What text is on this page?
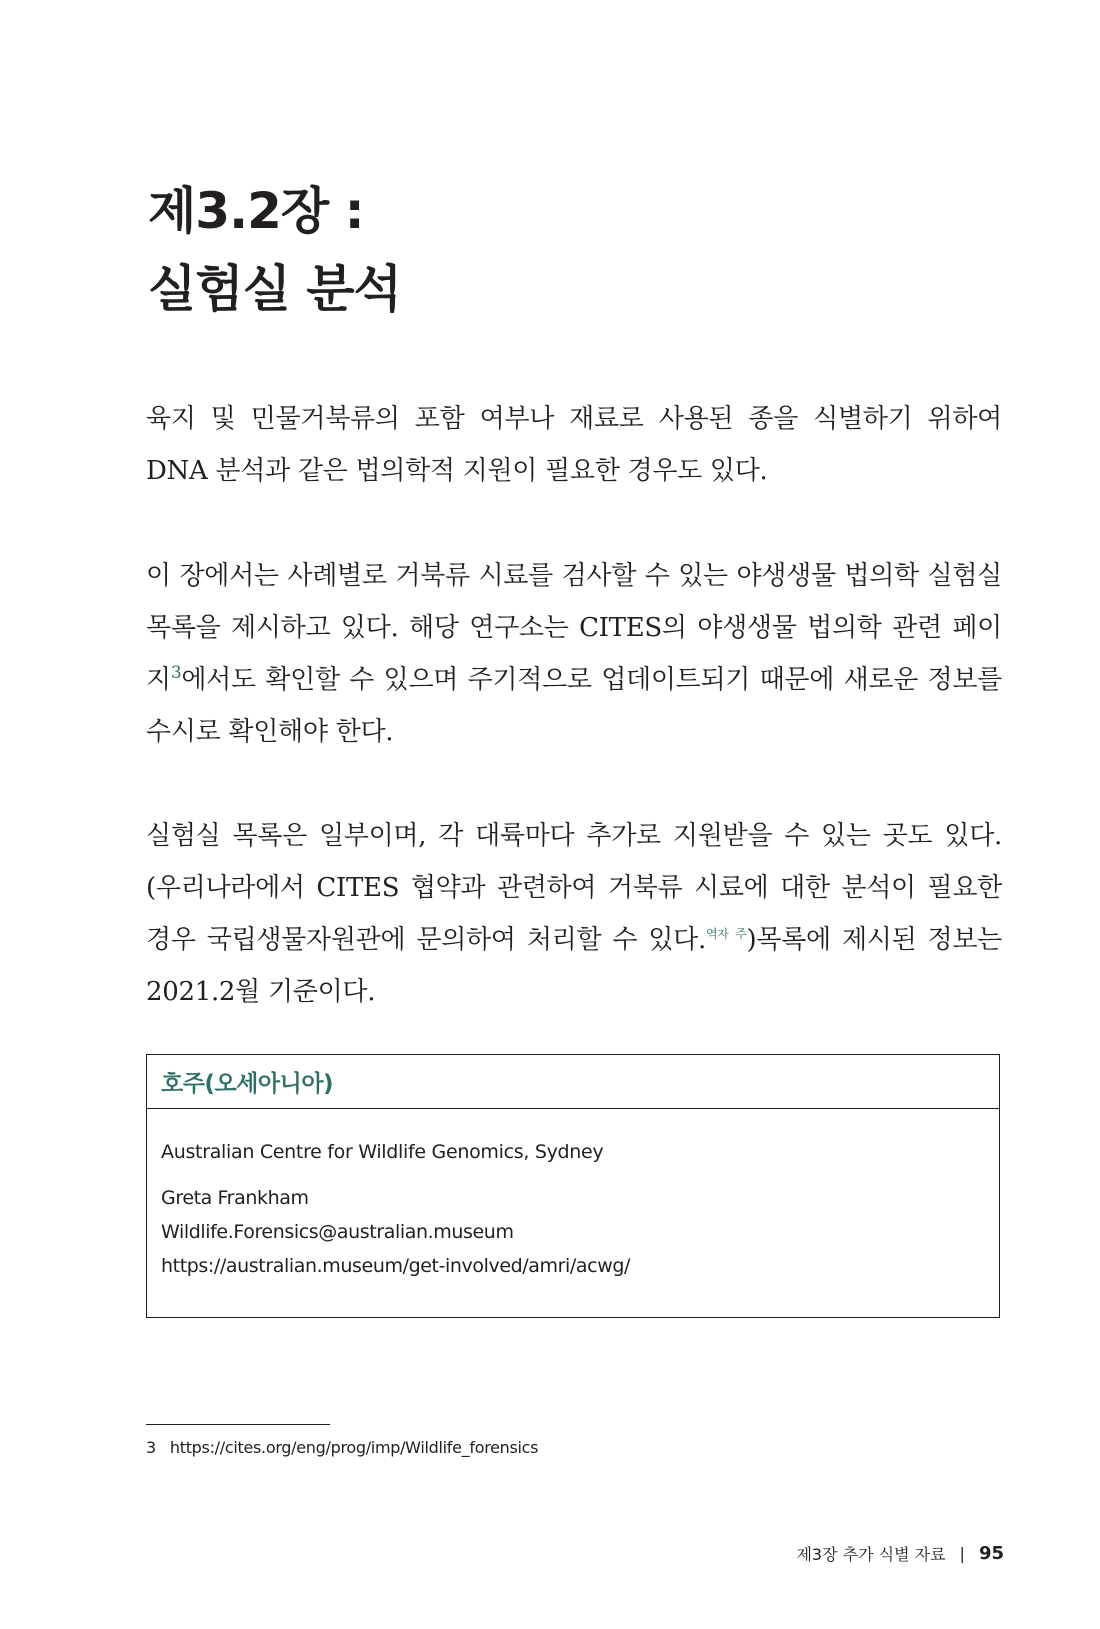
제3.2장 :
실험실 분석

육지 및 민물거북류의 포함 여부나 재료로 사용된 종을 식별하기 위하여 DNA 분석과 같은 법의학적 지원이 필요한 경우도 있다.

이 장에서는 사례별로 거북류 시료를 검사할 수 있는 야생생물 법의학 실험실 목록을 제시하고 있다. 해당 연구소는 CITES의 야생생물 법의학 관련 페이지$^3$에서도 확인할 수 있으며 주기적으로 업데이트되기 때문에 새로운 정보를 수시로 확인해야 한다.

실험실 목록은 일부이며, 각 대륙마다 추가로 지원받을 수 있는 곳도 있다. (우리나라에서 CITES 협약과 관련하여 거북류 시료에 대한 분석이 필요한 경우 국립생물자원관에 문의하여 처리할 수 있다.$^{역자 주}$)목록에 제시된 정보는 2021.2월 기준이다.

호주(오세아니아)

Australian Centre for Wildlife Genomics, Sydney

Greta Frankham

Wildlife.Forensics@australian.museum

https://australian.museum/get-involved/amri/acwg/

3 https://cites.org/eng/prog/imp/Wildlife_forensics

제3장 추가 식별 자료 | 95
